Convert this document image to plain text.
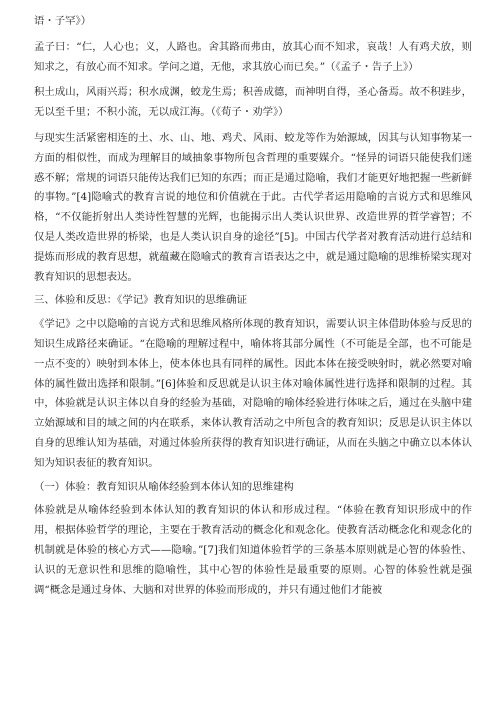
语・子罕》）

孟子曰：“仁，人心也；义，人路也。舍其路而弗由，放其心而不知求，哀哉！人有鸡犬放，则知求之，有放心而不知求。学问之道，无他，求其放心而已矣。”（《孟子・告子上》）

积土成山，风雨兴焉；积水成渊，蛟龙生焉；积善成德，而神明自得，圣心备焉。故不积跬步，无以至千里；不积小流，无以成江海。（《荀子・劝学》）

与现实生活紧密相连的土、水、山、地、鸡犬、风雨、蛟龙等作为始源域，因其与认知事物某一方面的相似性，而成为理解目的域抽象事物所包含哲理的重要媒介。“怪异的词语只能使我们迷惑不解；常规的词语只能传达我们已知的东西；而正是通过隐喻，我们才能更好地把握一些新鲜的事物。”[4]隐喻式的教育言说的地位和价值就在于此。古代学者运用隐喻的言说方式和思维风格，“不仅能折射出人类诗性智慧的光辉，也能揭示出人类认识世界、改造世界的哲学睿智；不仅是人类改造世界的桥梁，也是人类认识自身的途径”[5]。中国古代学者对教育活动进行总结和提炼而形成的教育思想，就蕴藏在隐喻式的教育言语表达之中，就是通过隐喻的思维桥梁实现对教育知识的思想表达。

三、体验和反思：《学记》教育知识的思维确证

《学记》之中以隐喻的言说方式和思维风格所体现的教育知识，需要认识主体借助体验与反思的知识生成路径来确证。“在隐喻的理解过程中，喻体将其部分属性（不可能是全部，也不可能是一点不变的）映射到本体上，使本体也具有同样的属性。因此本体在接受映射时，就必然要对喻体的属性做出选择和限制。”[6]体验和反思就是认识主体对喻体属性进行选择和限制的过程。其中，体验就是认识主体以自身的经验为基础，对隐喻的喻体经验进行体味之后，通过在头脑中建立始源域和目的域之间的内在联系，来体认教育活动之中所包含的教育知识；反思是认识主体以自身的思维认知为基础，对通过体验所获得的教育知识进行确证，从而在头脑之中确立以本体认知为知识表征的教育知识。

（一）体验：教育知识从喻体经验到本体认知的思维建构

体验就是从喻体经验到本体认知的教育知识的体认和形成过程。“体验在教育知识形成中的作用，根据体验哲学的理论，主要在于教育活动的概念化和观念化。使教育活动概念化和观念化的机制就是体验的核心方式——隐喻。”[7]我们知道体验哲学的三条基本原则就是心智的体验性、认识的无意识性和思维的隐喻性，其中心智的体验性是最重要的原则。心智的体验性就是强调“概念是通过身体、大脑和对世界的体验而形成的，并只有通过他们才能被
